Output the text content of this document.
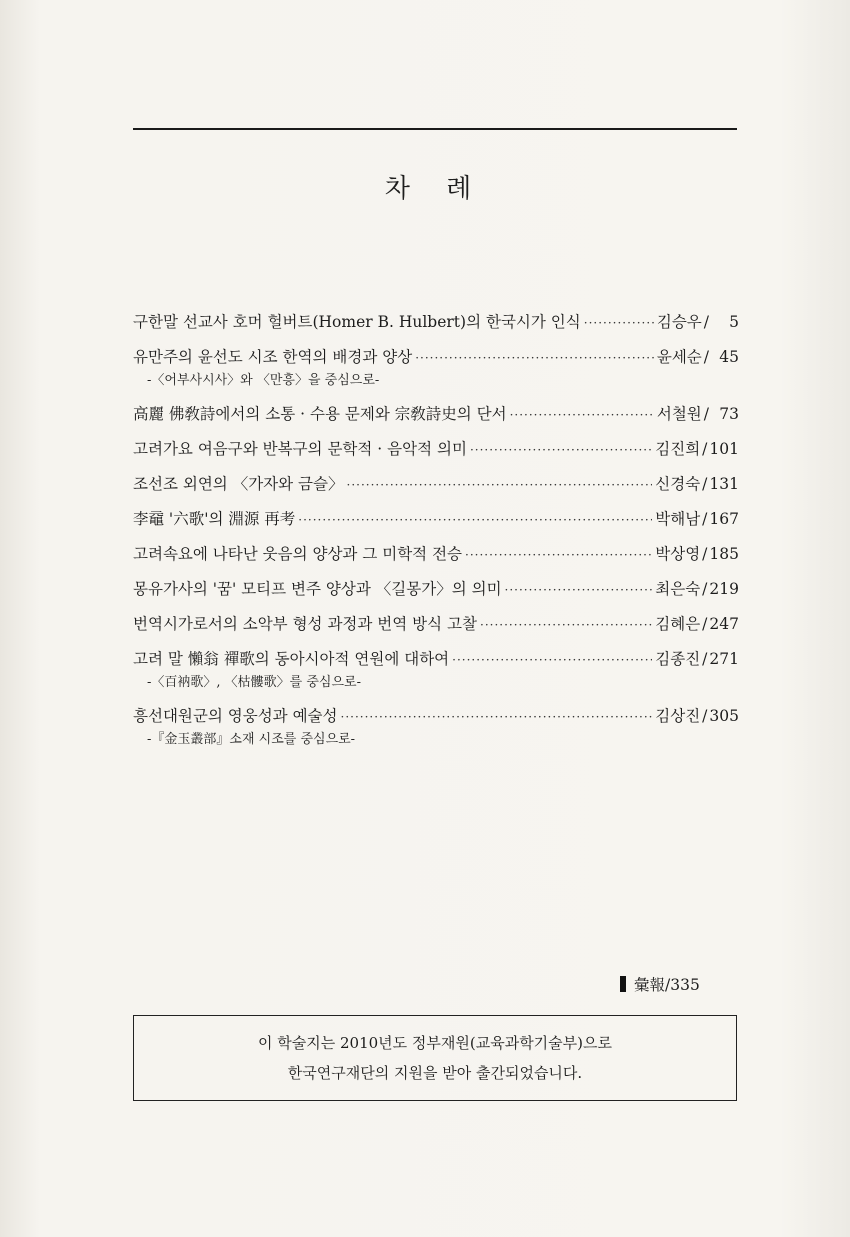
차 례
구한말 선교사 호머 헐버트(Homer B. Hulbert)의 한국시가 인식 ·····	김승우 /	5
유만주의 윤선도 시조 한역의 배경과 양상 ·····	윤세순 / 45
-〈어부사시사〉와 〈만흥〉을 중심으로-
高麗 佛敎詩에서의 소통 · 수용 문제와 宗敎詩史의 단서 ·····	서철원 / 73
고려가요 여음구와 반복구의 문학적 · 음악적 의미 ·····	김진희 / 101
조선조 외연의 〈가자와 금슬〉 ·····	신경숙 / 131
李黿 '六歌'의 淵源 再考 ·····	박해남 / 167
고려속요에 나타난 웃음의 양상과 그 미학적 전승 ·····	박상영 / 185
몽유가사의 '꿈' 모티프 변주 양상과 〈길몽가〉의 의미 ·····	최은숙 / 219
번역시가로서의 소악부 형성 과정과 번역 방식 고찰 ·····	김혜은 / 247
고려 말 懶翁 禪歌의 동아시아적 연원에 대하여 ·····	김종진 / 271
-〈百衲歌〉, 〈枯髏歌〉를 중심으로-
흥선대원군의 영웅성과 예술성 ·····	김상진 / 305
-『金玉叢部』소재 시조를 중심으로-
彙報/335
이 학술지는 2010년도 정부재원(교육과학기술부)으로
한국연구재단의 지원을 받아 출간되었습니다.
